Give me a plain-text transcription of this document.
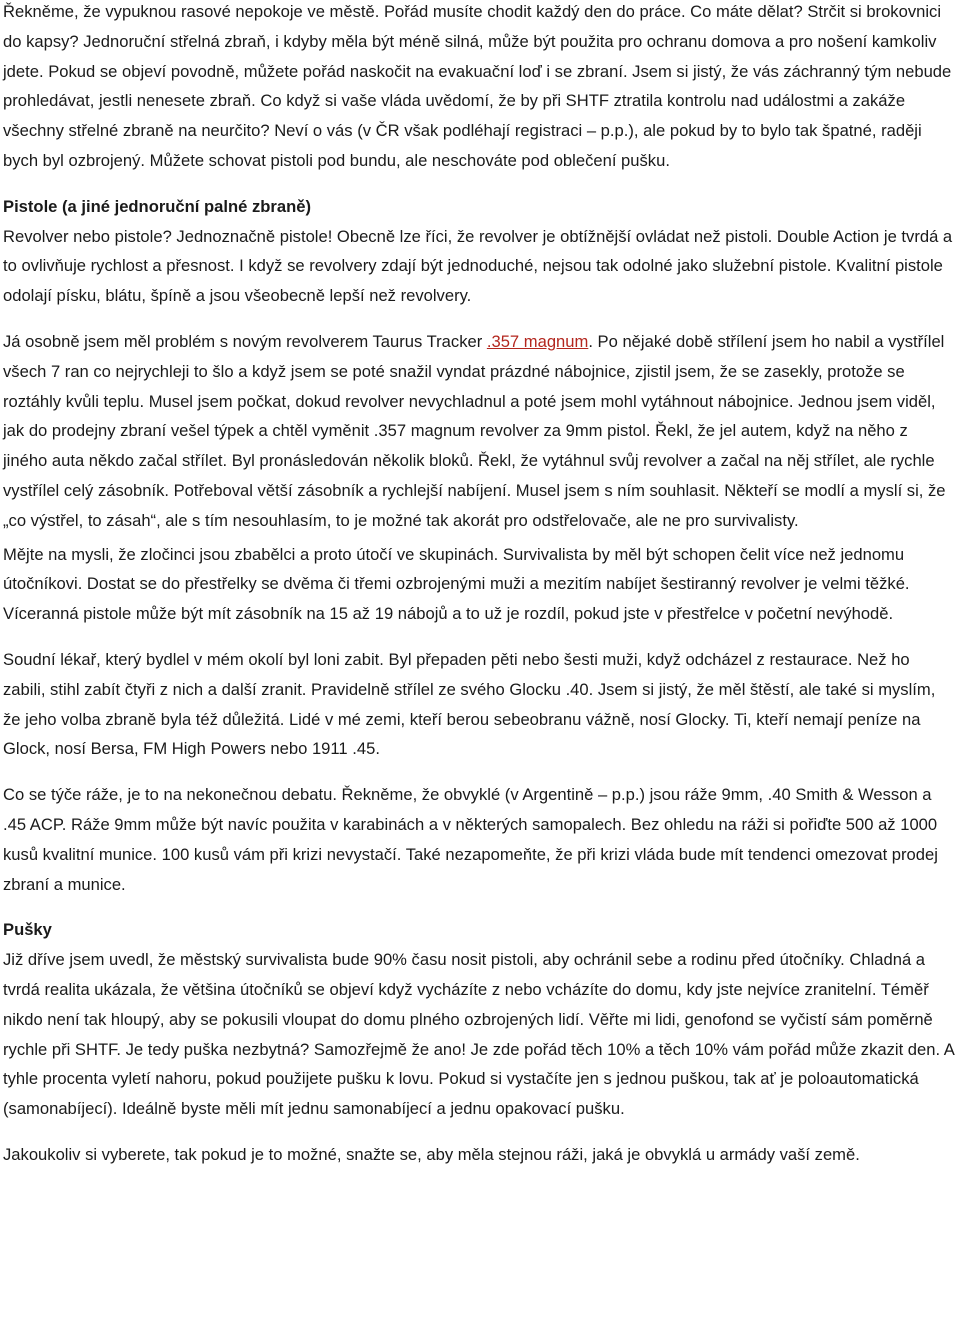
Řekněme, že vypuknou rasové nepokoje ve městě. Pořád musíte chodit každý den do práce. Co máte dělat? Strčit si brokovnici do kapsy? Jednoruční střelná zbraň, i kdyby měla být méně silná, může být použita pro ochranu domova a pro nošení kamkoliv jdete. Pokud se objeví povodně, můžete pořád naskočit na evakuační loď i se zbraní. Jsem si jistý, že vás záchranný tým nebude prohledávat, jestli nenesete zbraň. Co když si vaše vláda uvědomí, že by při SHTF ztratila kontrolu nad událostmi a zakáže všechny střelné zbraně na neurčito? Neví o vás (v ČR však podléhají registraci – p.p.), ale pokud by to bylo tak špatné, raději bych byl ozbrojený. Můžete schovat pistoli pod bundu, ale neschováte pod oblečení pušku.

Pistole (a jiné jednoruční palné zbraně)

Revolver nebo pistole? Jednoznačně pistole! Obecně lze říci, že revolver je obtížnější ovládat než pistoli. Double Action je tvrdá a to ovlivňuje rychlost a přesnost. I když se revolvery zdají být jednoduché, nejsou tak odolné jako služební pistole. Kvalitní pistole odolají písku, blátu, špíně a jsou všeobecně lepší než revolvery.

Já osobně jsem měl problém s novým revolverem Taurus Tracker .357 magnum. Po nějaké době střílení jsem ho nabil a vystřílel všech 7 ran co nejrychleji to šlo a když jsem se poté snažil vyndat prázdné nábojnice, zjistil jsem, že se zasekly, protože se roztáhly kvůli teplu. Musel jsem počkat, dokud revolver nevychladnul a poté jsem mohl vytáhnout nábojnice. Jednou jsem viděl, jak do prodejny zbraní vešel týpek a chtěl vyměnit .357 magnum revolver za 9mm pistol. Řekl, že jel autem, když na něho z jiného auta někdo začal střílet. Byl pronásledován několik bloků. Řekl, že vytáhnul svůj revolver a začal na něj střílet, ale rychle vystřílel celý zásobník. Potřeboval větší zásobník a rychlejší nabíjení. Musel jsem s ním souhlasit. Někteří se modlí a myslí si, že „co výstřel, to zásah“, ale s tím nesouhlasím, to je možné tak akorát pro odstřelovače, ale ne pro survivalisty.

Mějte na mysli, že zločinci jsou zbabělci a proto útočí ve skupinách. Survivalista by měl být schopen čelit více než jednomu útočníkovi. Dostat se do přestřelky se dvěma či třemi ozbrojenými muži a mezitím nabíjet šestiranný revolver je velmi těžké. Víceranná pistole může být mít zásobník na 15 až 19 nábojů a to už je rozdíl, pokud jste v přestřelce v početní nevýhodě.

Soudní lékař, který bydlel v mém okolí byl loni zabit. Byl přepaden pěti nebo šesti muži, když odcházel z restaurace. Než ho zabili, stihl zabít čtyři z nich a další zranit. Pravidelně střílel ze svého Glocku .40. Jsem si jistý, že měl štěstí, ale také si myslím, že jeho volba zbraně byla též důležitá. Lidé v mé zemi, kteří berou sebeobranu vážně, nosí Glocky. Ti, kteří nemají peníze na Glock, nosí Bersa, FM High Powers nebo 1911 .45.

Co se týče ráže, je to na nekonečnou debatu. Řekněme, že obvyklé (v Argentině – p.p.) jsou ráže 9mm, .40 Smith & Wesson a .45 ACP. Ráže 9mm může být navíc použita v karabinách a v některých samopalech. Bez ohledu na ráži si pořiďte 500 až 1000 kusů kvalitní munice. 100 kusů vám při krizi nevystačí. Také nezapomeňte, že při krizi vláda bude mít tendenci omezovat prodej zbraní a munice.

Pušky

Již dříve jsem uvedl, že městský survivalista bude 90% času nosit pistoli, aby ochránil sebe a rodinu před útočníky. Chladná a tvrdá realita ukázala, že většina útočníků se objeví když vycházíte z nebo vcházíte do domu, kdy jste nejvíce zranitelní. Téměř nikdo není tak hloupý, aby se pokusili vloupat do domu plného ozbrojených lidí. Věřte mi lidi, genofond se vyčistí sám poměrně rychle při SHTF. Je tedy puška nezbytná? Samozřejmě že ano! Je zde pořád těch 10% a těch 10% vám pořád může zkazit den. A tyhle procenta vyletí nahoru, pokud použijete pušku k lovu. Pokud si vystačíte jen s jednou puškou, tak ať je poloautomatická (samonabíjecí). Ideálně byste měli mít jednu samonabíjecí a jednu opakovací pušku.

Jakoukoliv si vyberete, tak pokud je to možné, snažte se, aby měla stejnou ráži, jaká je obvyklá u armády vaší země.
